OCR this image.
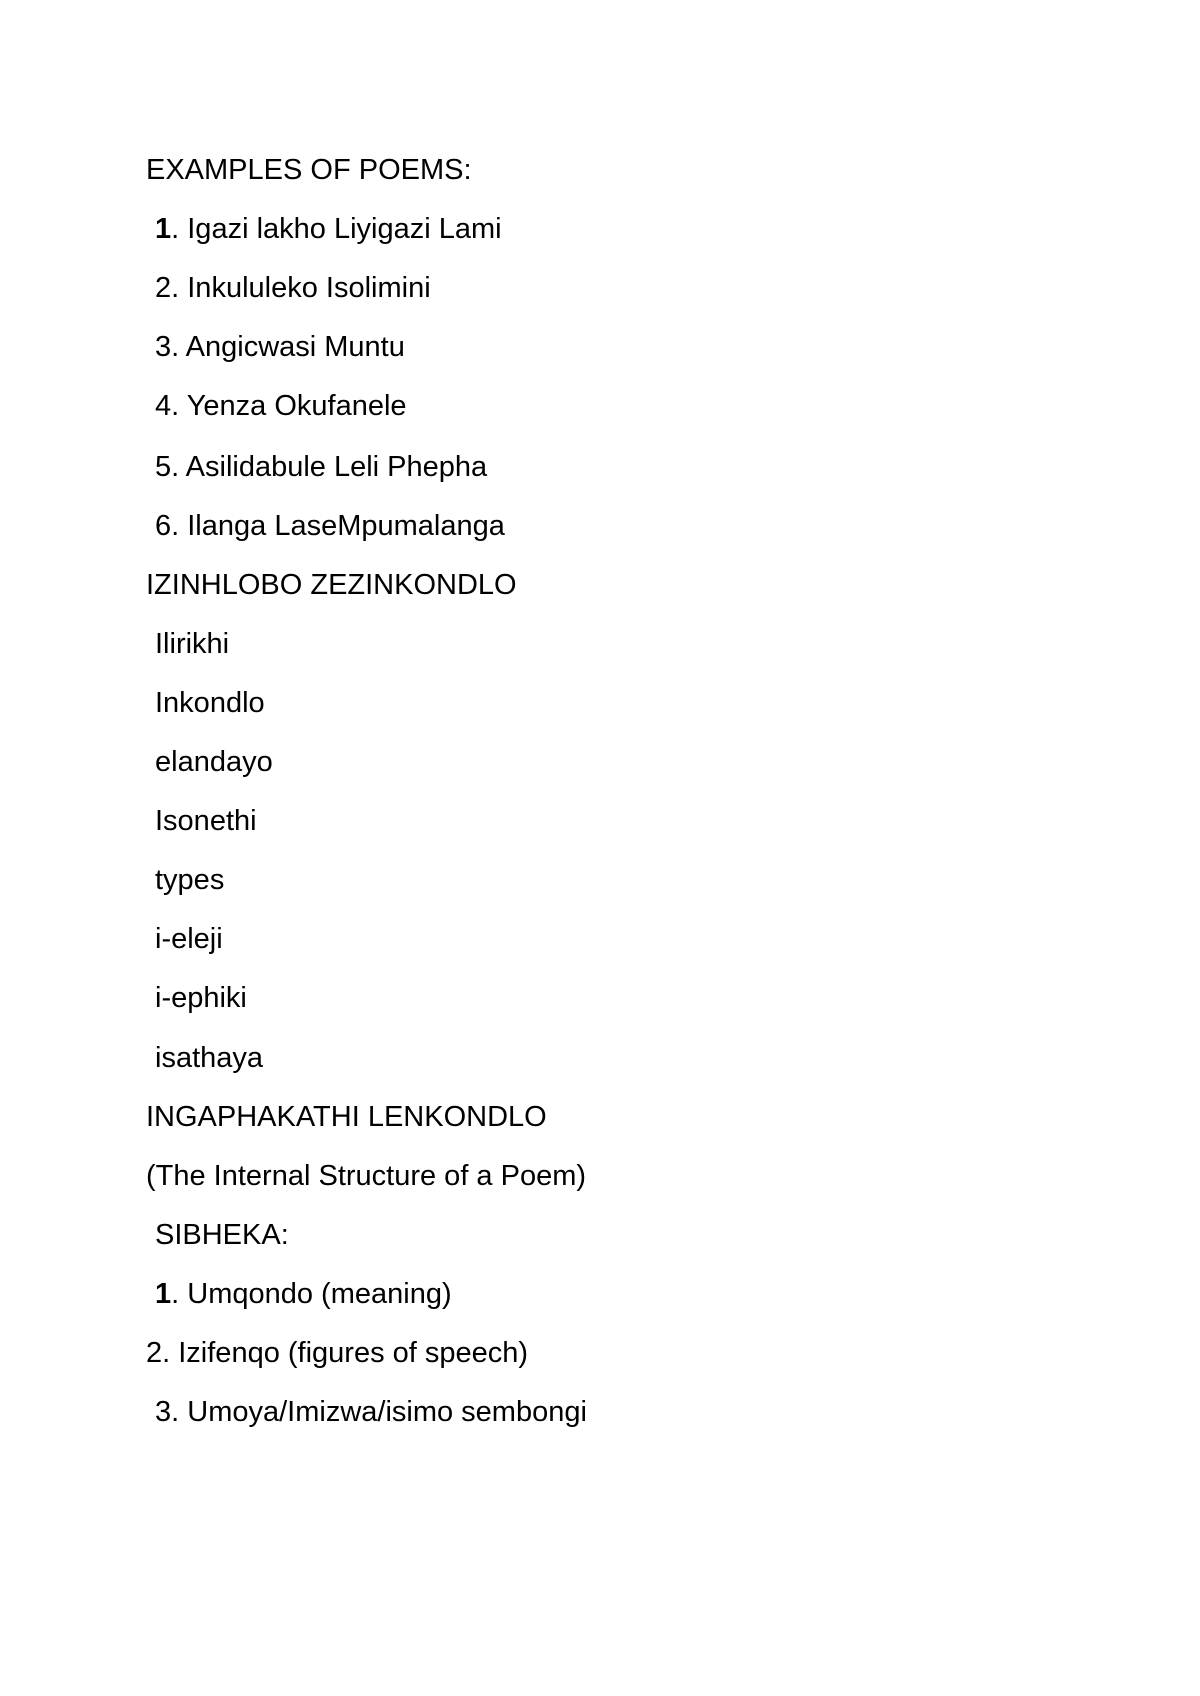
EXAMPLES OF POEMS:
1. Igazi lakho Liyigazi Lami
2. Inkululeko Isolimini
3. Angicwasi Muntu
4. Yenza Okufanele
5. Asilidabule Leli Phepha
6. Ilanga LaseMpumalanga
IZINHLOBO ZEZINKONDLO
Ilirikhi
Inkondlo
elandayo
Isonethi
types
i-eleji
i-ephiki
isathaya
INGAPHAKATHI LENKONDLO
(The Internal Structure of a Poem)
SIBHEKA:
1. Umqondo (meaning)
2. Izifenqo (figures of speech)
3. Umoya/Imizwa/isimo sembongi
